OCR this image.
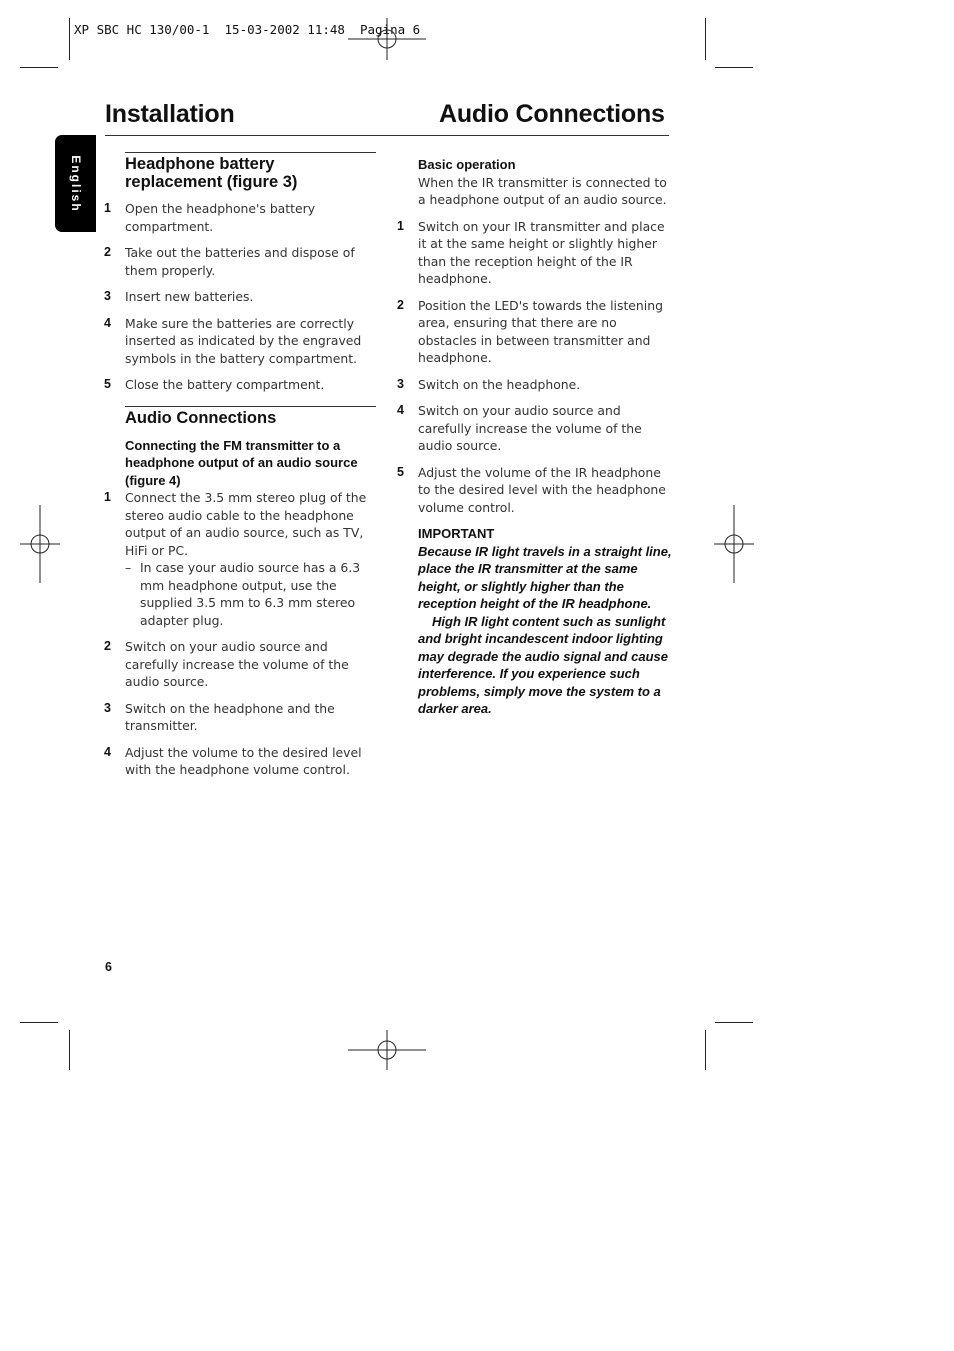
XP SBC HC 130/00-1  15-03-2002 11:48  Pagina 6
Installation	Audio Connections
English	Headphone battery replacement (figure 3)
1	Open the headphone's battery compartment.
2	Take out the batteries and dispose of them properly.
3	Insert new batteries.
4	Make sure the batteries are correctly inserted as indicated by the engraved symbols in the battery compartment.
5	Close the battery compartment.
Audio Connections
Connecting the FM transmitter to a headphone output of an audio source (figure 4)
1	Connect the 3.5 mm stereo plug of the stereo audio cable to the headphone output of an audio source, such as TV, HiFi or PC.
– In case your audio source has a 6.3 mm headphone output, use the supplied 3.5 mm to 6.3 mm stereo adapter plug.
2	Switch on your audio source and carefully increase the volume of the audio source.
3	Switch on the headphone and the transmitter.
4	Adjust the volume to the desired level with the headphone volume control.
Basic operation
When the IR transmitter is connected to a headphone output of an audio source.
1	Switch on your IR transmitter and place it at the same height or slightly higher than the reception height of the IR headphone.
2	Position the LED's towards the listening area, ensuring that there are no obstacles in between transmitter and headphone.
3	Switch on the headphone.
4	Switch on your audio source and carefully increase the volume of the audio source.
5	Adjust the volume of the IR headphone to the desired level with the headphone volume control.
IMPORTANT

Because IR light travels in a straight line, place the IR transmitter at the same height, or slightly higher than the reception height of the IR headphone.

High IR light content such as sunlight and bright incandescent indoor lighting may degrade the audio signal and cause interference. If you experience such problems, simply move the system to a darker area.

6
